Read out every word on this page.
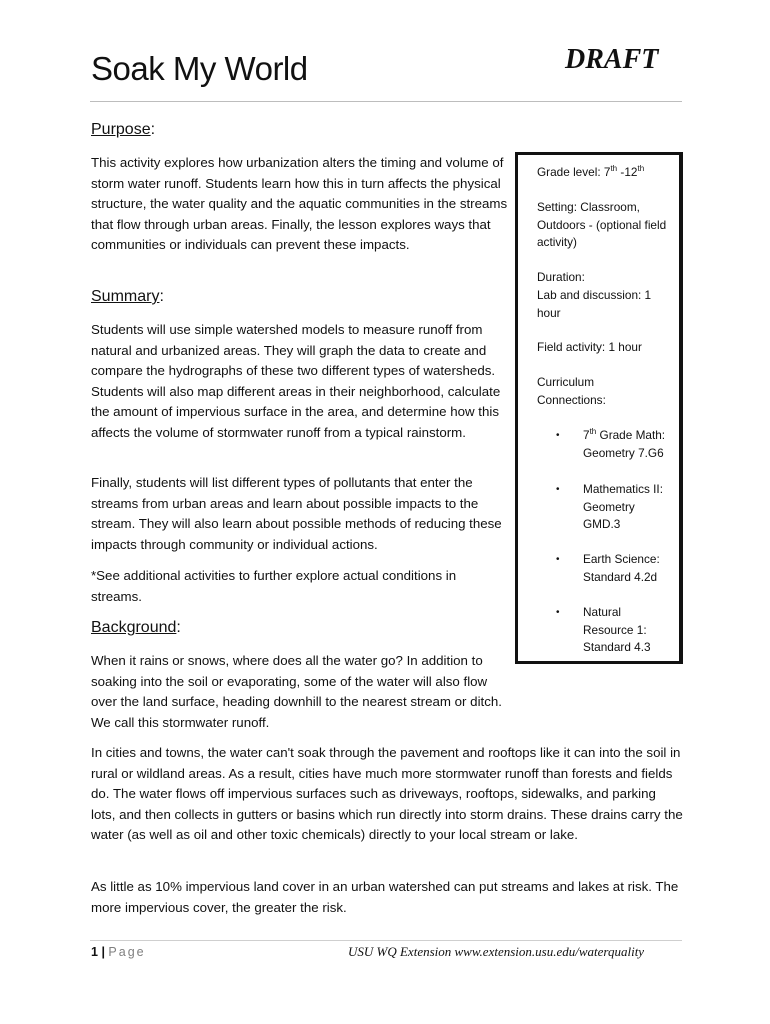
Soak My World	DRAFT
Purpose:

This activity explores how urbanization alters the timing and volume of storm water runoff. Students learn how this in turn affects the physical structure, the water quality and the aquatic communities in the streams that flow through urban areas. Finally, the lesson explores ways that communities or individuals can prevent these impacts.

Summary:

Students will use simple watershed models to measure runoff from natural and urbanized areas. They will graph the data to create and compare the hydrographs of these two different types of watersheds. Students will also map different areas in their neighborhood, calculate the amount of impervious surface in the area, and determine how this affects the volume of stormwater runoff from a typical rainstorm.

Finally, students will list different types of pollutants that enter the streams from urban areas and learn about possible impacts to the stream. They will also learn about possible methods of reducing these impacts through community or individual actions.

*See additional activities to further explore actual conditions in streams.

Background:

When it rains or snows, where does all the water go? In addition to soaking into the soil or evaporating, some of the water will also flow over the land surface, heading downhill to the nearest stream or ditch. We call this stormwater runoff.

In cities and towns, the water can't soak through the pavement and rooftops like it can into the soil in rural or wildland areas. As a result, cities have much more stormwater runoff than forests and fields do. The water flows off impervious surfaces such as driveways, rooftops, sidewalks, and parking lots, and then collects in gutters or basins which run directly into storm drains. These drains carry the water (as well as oil and other toxic chemicals) directly to your local stream or lake.

As little as 10% impervious land cover in an urban watershed can put streams and lakes at risk. The more impervious cover, the greater the risk.

Grade level: 7th -12th
Setting: Classroom, Outdoors - (optional field activity)
Duration:
Lab and discussion: 1 hour
Field activity: 1 hour
Curriculum Connections:
• 7th Grade Math: Geometry 7.G6
• Mathematics II: Geometry GMD.3
• Earth Science: Standard 4.2d
• Natural Resource 1: Standard 4.3
1 | Page	USU WQ Extension www.extension.usu.edu/waterquality
